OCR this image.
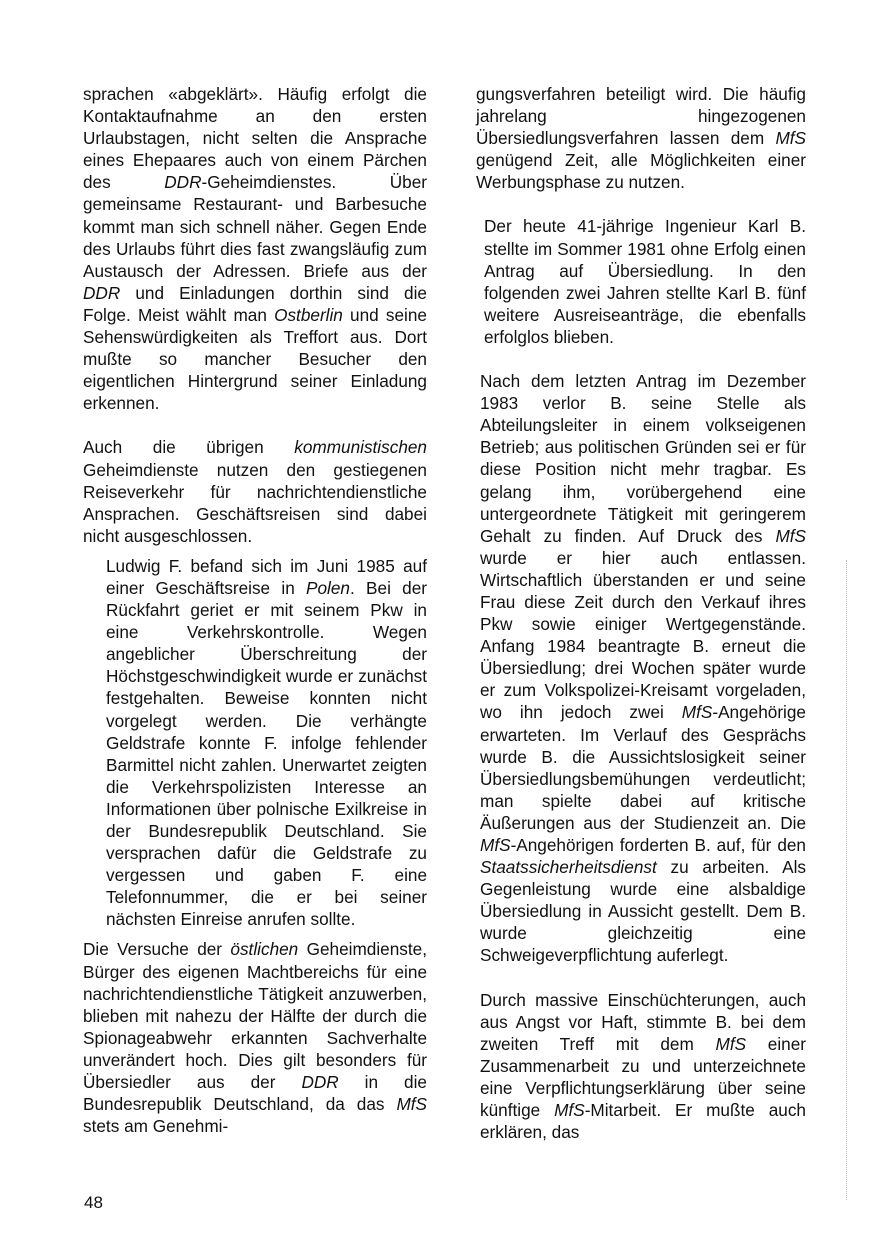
sprachen «abgeklärt». Häufig erfolgt die Kontaktaufnahme an den ersten Urlaubstagen, nicht selten die Ansprache eines Ehepaares auch von einem Pärchen des DDR-Geheimdienstes. Über gemeinsame Restaurant- und Barbesuche kommt man sich schnell näher. Gegen Ende des Urlaubs führt dies fast zwangsläufig zum Austausch der Adressen. Briefe aus der DDR und Einladungen dorthin sind die Folge. Meist wählt man Ostberlin und seine Sehenswürdigkeiten als Treffort aus. Dort mußte so mancher Besucher den eigentlichen Hintergrund seiner Einladung erkennen.

Auch die übrigen kommunistischen Geheimdienste nutzen den gestiegenen Reiseverkehr für nachrichtendienstliche Ansprachen. Geschäftsreisen sind dabei nicht ausgeschlossen.

Ludwig F. befand sich im Juni 1985 auf einer Geschäftsreise in Polen. Bei der Rückfahrt geriet er mit seinem Pkw in eine Verkehrskontrolle. Wegen angeblicher Überschreitung der Höchstgeschwindigkeit wurde er zunächst festgehalten. Beweise konnten nicht vorgelegt werden. Die verhängte Geldstrafe konnte F. infolge fehlender Barmittel nicht zahlen. Unerwartet zeigten die Verkehrspolizisten Interesse an Informationen über polnische Exilkreise in der Bundesrepublik Deutschland. Sie versprachen dafür die Geldstrafe zu vergessen und gaben F. eine Telefonnummer, die er bei seiner nächsten Einreise anrufen sollte.

Die Versuche der östlichen Geheimdienste, Bürger des eigenen Machtbereichs für eine nachrichtendienstliche Tätigkeit anzuwerben, blieben mit nahezu der Hälfte der durch die Spionageabwehr erkannten Sachverhalte unverändert hoch. Dies gilt besonders für Übersiedler aus der DDR in die Bundesrepublik Deutschland, da das MfS stets am Genehmi-

gungsverfahren beteiligt wird. Die häufig jahrelang hingezogenen Übersiedlungsverfahren lassen dem MfS genügend Zeit, alle Möglichkeiten einer Werbungsphase zu nutzen.

Der heute 41-jährige Ingenieur Karl B. stellte im Sommer 1981 ohne Erfolg einen Antrag auf Übersiedlung. In den folgenden zwei Jahren stellte Karl B. fünf weitere Ausreiseanträge, die ebenfalls erfolglos blieben.

Nach dem letzten Antrag im Dezember 1983 verlor B. seine Stelle als Abteilungsleiter in einem volkseigenen Betrieb; aus politischen Gründen sei er für diese Position nicht mehr tragbar. Es gelang ihm, vorübergehend eine untergeordnete Tätigkeit mit geringerem Gehalt zu finden. Auf Druck des MfS wurde er hier auch entlassen. Wirtschaftlich überstanden er und seine Frau diese Zeit durch den Verkauf ihres Pkw sowie einiger Wertgegenstände. Anfang 1984 beantragte B. erneut die Übersiedlung; drei Wochen später wurde er zum Volkspolizei-Kreisamt vorgeladen, wo ihn jedoch zwei MfS-Angehörige erwarteten. Im Verlauf des Gesprächs wurde B. die Aussichtslosigkeit seiner Übersiedlungsbemühungen verdeutlicht; man spielte dabei auf kritische Äußerungen aus der Studienzeit an. Die MfS-Angehörigen forderten B. auf, für den Staatssicherheitsdienst zu arbeiten. Als Gegenleistung wurde eine alsbaldige Übersiedlung in Aussicht gestellt. Dem B. wurde gleichzeitig eine Schweigeverpflichtung auferlegt.

Durch massive Einschüchterungen, auch aus Angst vor Haft, stimmte B. bei dem zweiten Treff mit dem MfS einer Zusammenarbeit zu und unterzeichnete eine Verpflichtungserklärung über seine künftige MfS-Mitarbeit. Er mußte auch erklären, das

48
